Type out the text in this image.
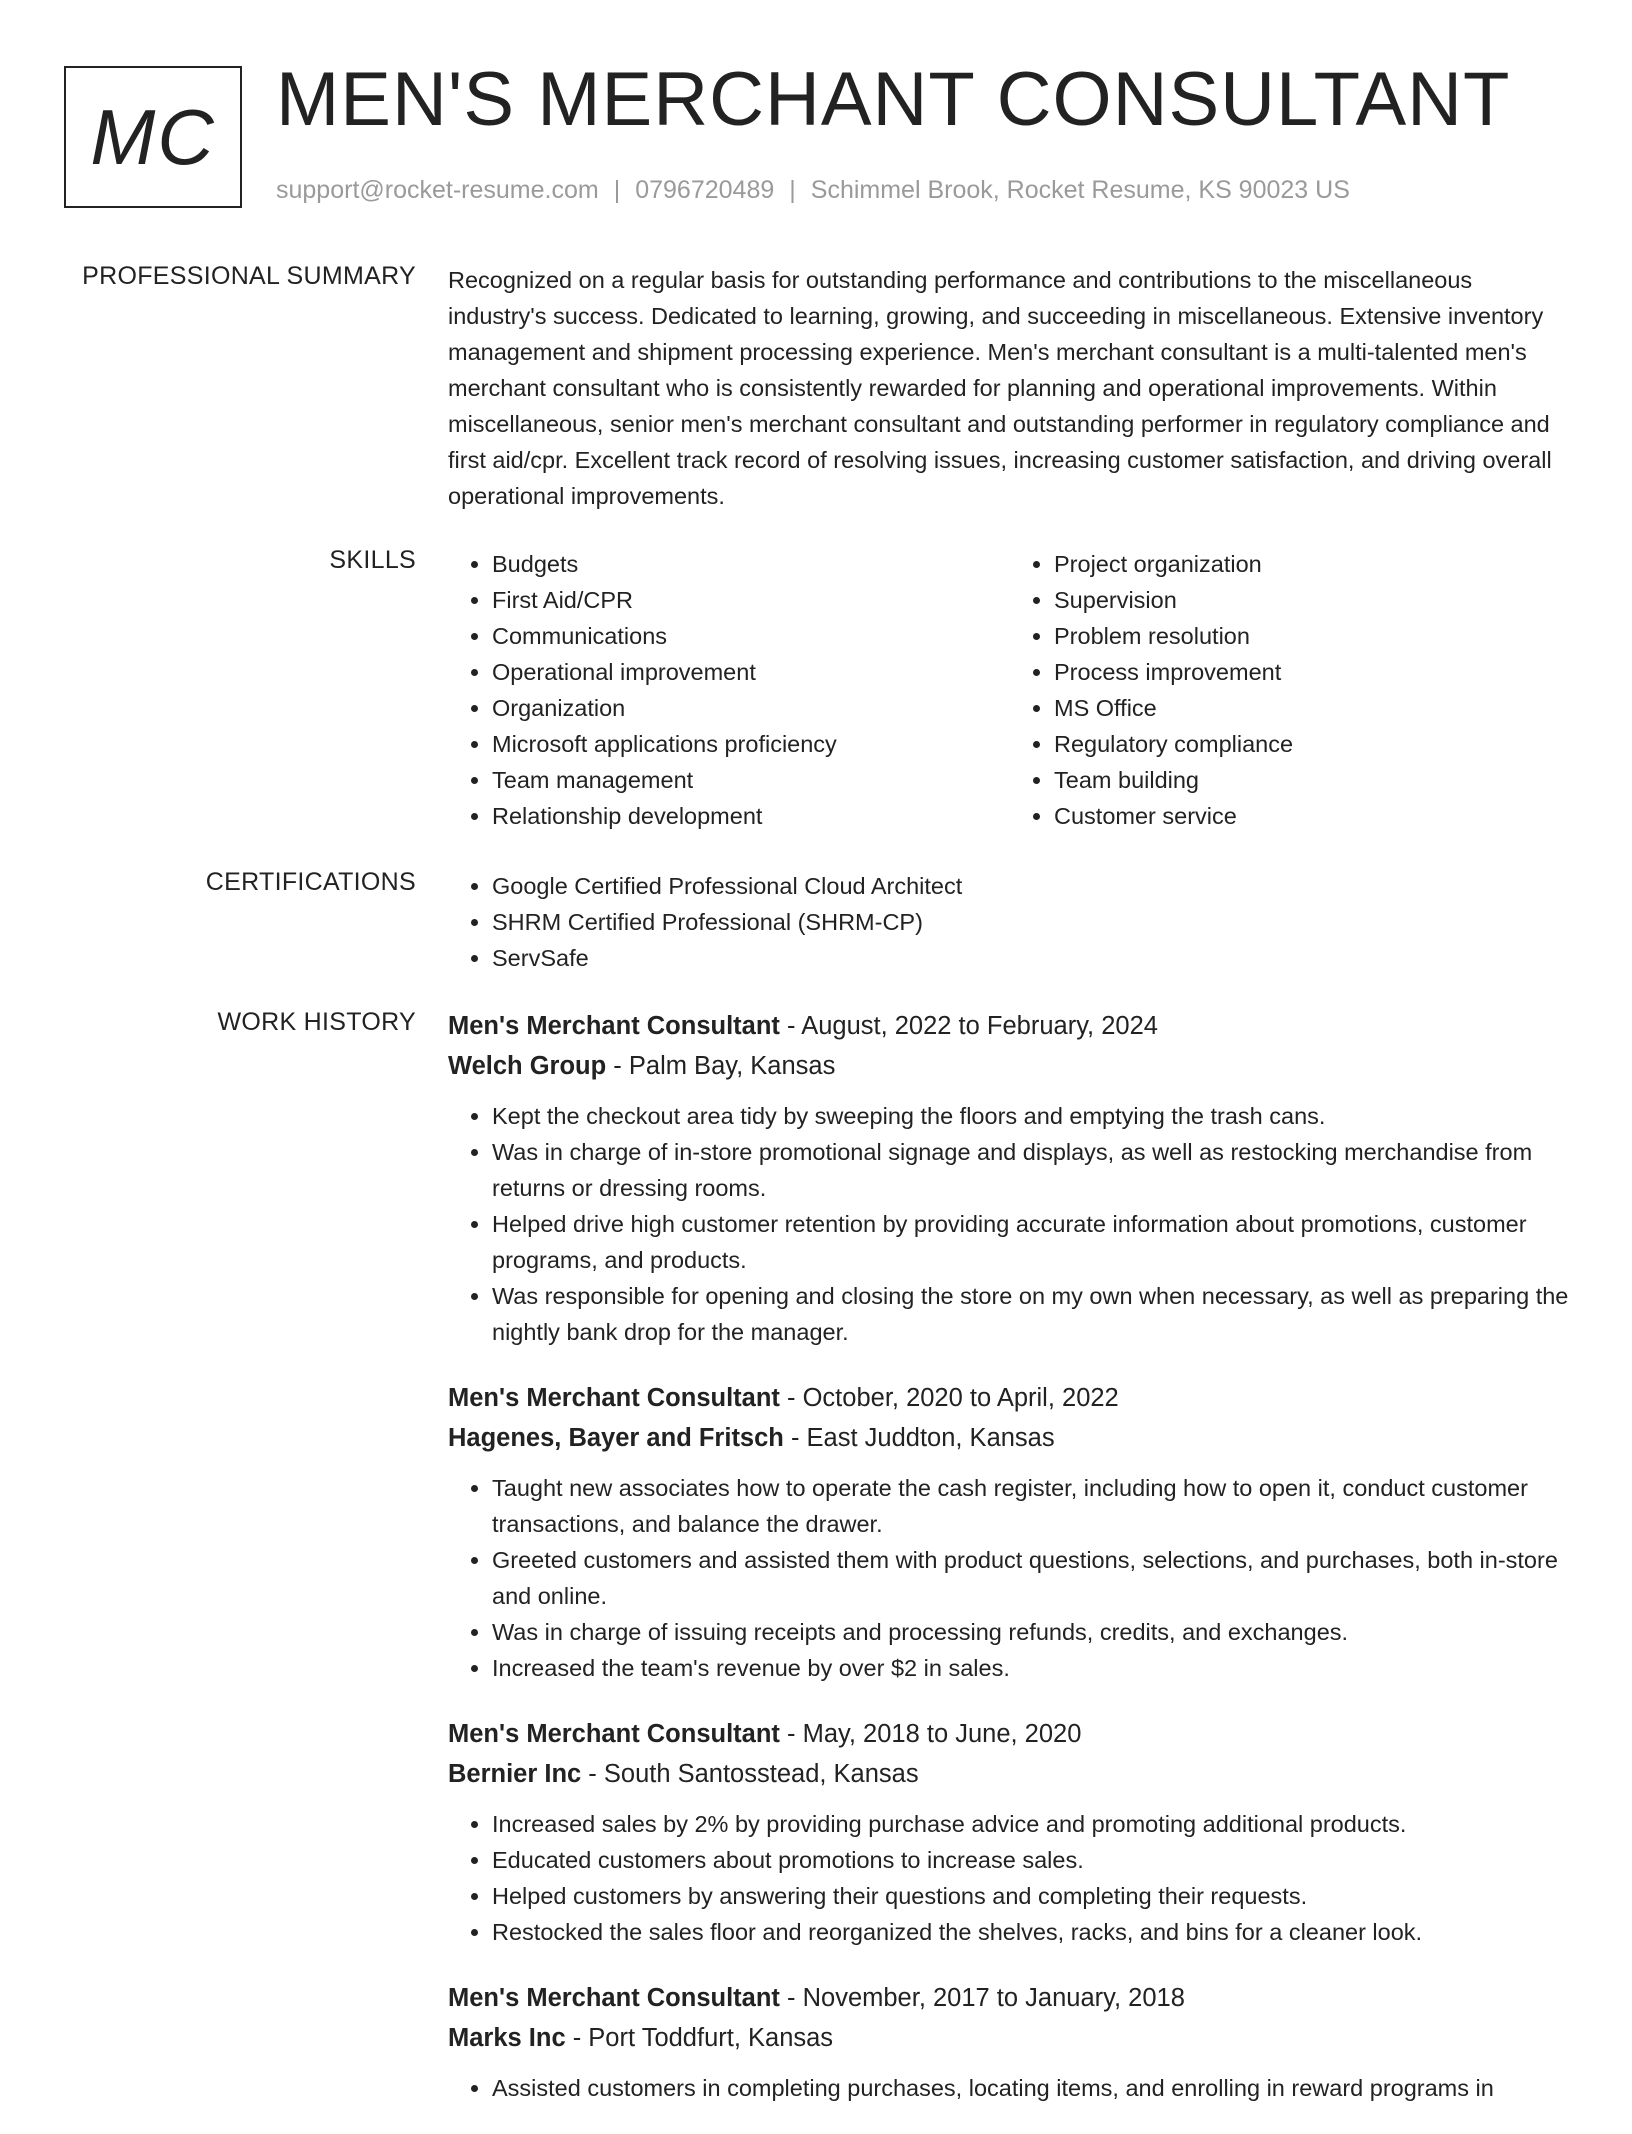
MC MEN'S MERCHANT CONSULTANT
support@rocket-resume.com | 0796720489 | Schimmel Brook, Rocket Resume, KS 90023 US
PROFESSIONAL SUMMARY Recognized on a regular basis for outstanding performance and contributions to the miscellaneous industry's success. Dedicated to learning, growing, and succeeding in miscellaneous. Extensive inventory management and shipment processing experience. Men's merchant consultant is a multi-talented men's merchant consultant who is consistently rewarded for planning and operational improvements. Within miscellaneous, senior men's merchant consultant and outstanding performer in regulatory compliance and first aid/cpr. Excellent track record of resolving issues, increasing customer satisfaction, and driving overall operational improvements.
SKILLS	• Budgets
• First Aid/CPR
• Communications
• Operational improvement
• Organization
• Microsoft applications proficiency
• Team management
• Relationship development
• Project organization
• Supervision
• Problem resolution
• Process improvement
• MS Office
• Regulatory compliance
• Team building
• Customer service
CERTIFICATIONS	• Google Certified Professional Cloud Architect
• SHRM Certified Professional (SHRM-CP)
• ServSafe
WORK HISTORY Men's Merchant Consultant - August, 2022 to February, 2024
Welch Group - Palm Bay, Kansas
• Kept the checkout area tidy by sweeping the floors and emptying the trash cans.
• Was in charge of in-store promotional signage and displays, as well as restocking merchandise from returns or dressing rooms.
• Helped drive high customer retention by providing accurate information about promotions, customer programs, and products.
• Was responsible for opening and closing the store on my own when necessary, as well as preparing the nightly bank drop for the manager.
Men's Merchant Consultant - October, 2020 to April, 2022
Hagenes, Bayer and Fritsch - East Juddton, Kansas
• Taught new associates how to operate the cash register, including how to open it, conduct customer transactions, and balance the drawer.
• Greeted customers and assisted them with product questions, selections, and purchases, both in-store and online.
• Was in charge of issuing receipts and processing refunds, credits, and exchanges.
• Increased the team's revenue by over $2 in sales.
Men's Merchant Consultant - May, 2018 to June, 2020
Bernier Inc - South Santosstead, Kansas
• Increased sales by 2% by providing purchase advice and promoting additional products.
• Educated customers about promotions to increase sales.
• Helped customers by answering their questions and completing their requests.
• Restocked the sales floor and reorganized the shelves, racks, and bins for a cleaner look.
Men's Merchant Consultant - November, 2017 to January, 2018
Marks Inc - Port Toddfurt, Kansas
• Assisted customers in completing purchases, locating items, and enrolling in reward programs in
